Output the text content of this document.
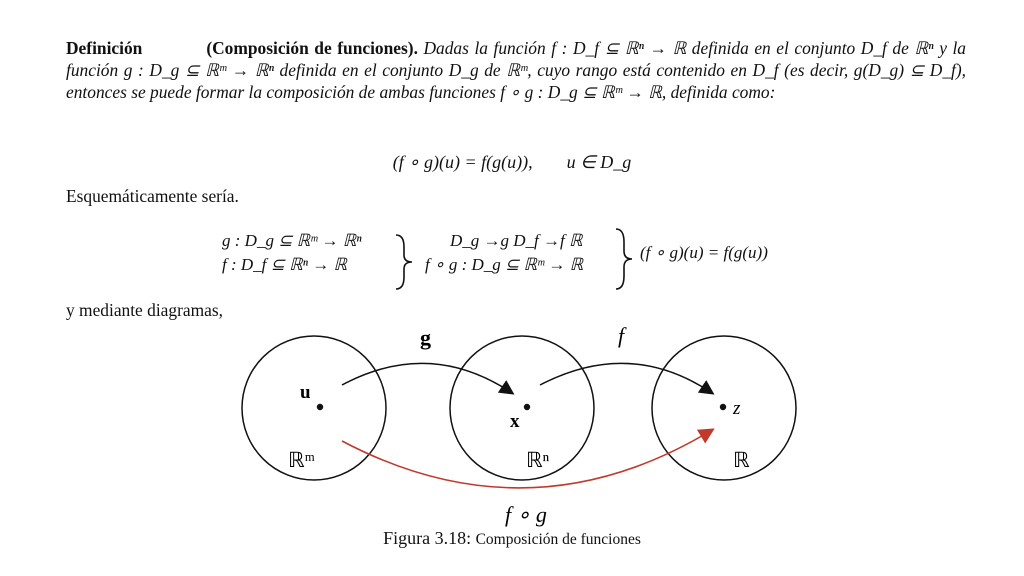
Definición	(Composición de funciones). Dadas la función f : D_f ⊆ ℝⁿ → ℝ definida en el conjunto D_f de ℝⁿ y la función g : D_g ⊆ ℝᵐ → ℝⁿ definida en el conjunto D_g de ℝᵐ, cuyo rango está contenido en D_f (es decir, g(D_g) ⊆ D_f), entonces se puede formar la composición de ambas funciones f ∘ g : D_g ⊆ ℝᵐ → ℝ, definida como:
(f ∘ g)(u) = f(g(u)), u ∈ D_g
Esquemáticamente sería.
g : D_g ⊆ ℝᵐ → ℝⁿ
f : D_f ⊆ ℝⁿ → ℝ
D_g →g D_f →f ℝ
f ∘ g : D_g ⊆ ℝᵐ → ℝ
(f ∘ g)(u) = f(g(u))
y mediante diagramas,
g	f
u
x
z
ℝᵐ	ℝⁿ	ℝ
f ∘ g
Figura 3.18: Composición de funciones
